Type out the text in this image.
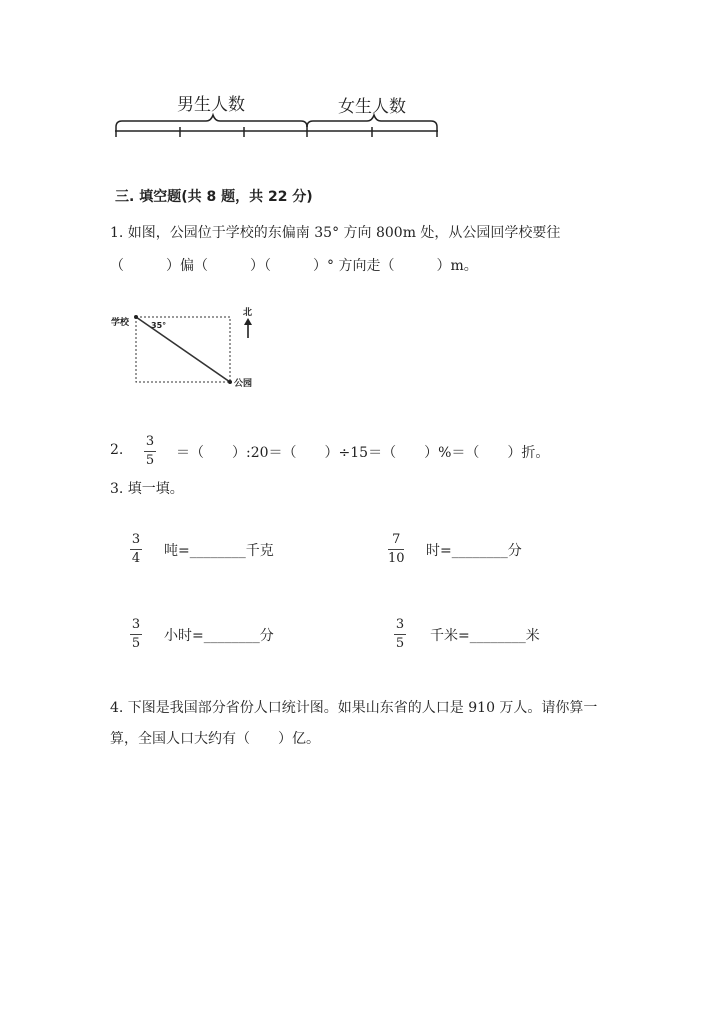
男生人数	女生人数
三. 填空题(共 8 题，共 22 分)
1. 如图，公园位于学校的东偏南 35° 方向 800m 处，从公园回学校要往
（　　　）偏（　　　）（　　　）° 方向走（　　　）m。
学校
公园
35°
北
2.
3
5 ＝（　　）:20＝（　　）÷15＝（　　）%＝（　　）折。
3. 填一填。
3
4 吨=________千克
7
10 时=________分
3
5 小时=________分
3
5 千米=________米
4. 下图是我国部分省份人口统计图。如果山东省的人口是 910 万人。请你算一
算，全国人口大约有（　　）亿。
